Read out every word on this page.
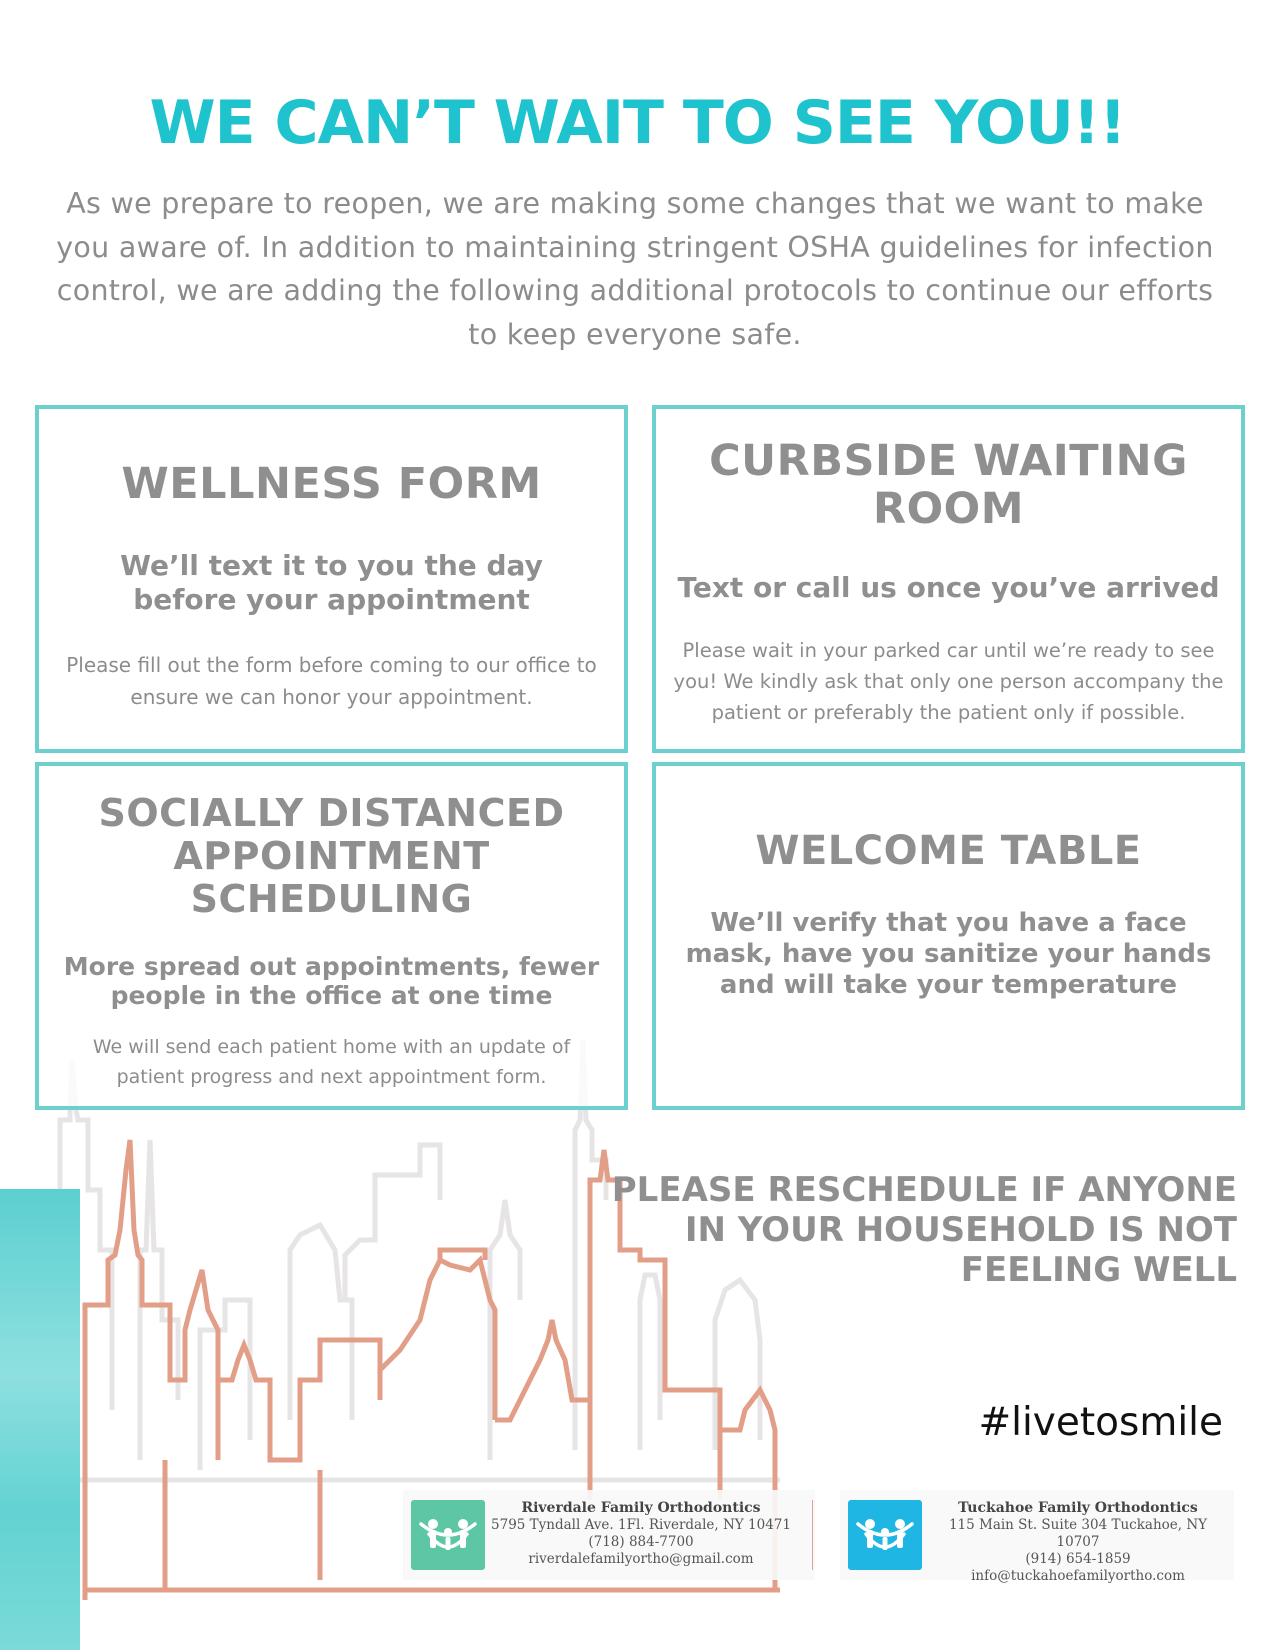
WE CAN’T WAIT TO SEE YOU!!
As we prepare to reopen, we are making some changes that we want to make you aware of. In addition to maintaining stringent OSHA guidelines for infection control, we are adding the following additional protocols to continue our efforts to keep everyone safe.
WELLNESS FORM
We’ll text it to you the day before your appointment
Please fill out the form before coming to our office to ensure we can honor your appointment.
CURBSIDE WAITING ROOM
Text or call us once you’ve arrived
Please wait in your parked car until we’re ready to see you! We kindly ask that only one person accompany the patient or preferably the patient only if possible.
SOCIALLY DISTANCED APPOINTMENT SCHEDULING
More spread out appointments, fewer people in the office at one time
We will send each patient home with an update of patient progress and next appointment form.
WELCOME TABLE
We’ll verify that you have a face mask, have you sanitize your hands and will take your temperature
PLEASE RESCHEDULE IF ANYONE IN YOUR HOUSEHOLD IS NOT FEELING WELL
#livetosmile
Riverdale Family Orthodontics
5795 Tyndall Ave. 1Fl. Riverdale, NY 10471
(718) 884-7700
riverdalefamilyortho@gmail.com
Tuckahoe Family Orthodontics
115 Main St. Suite 304 Tuckahoe, NY 10707
(914) 654-1859
info@tuckahoefamilyortho.com
